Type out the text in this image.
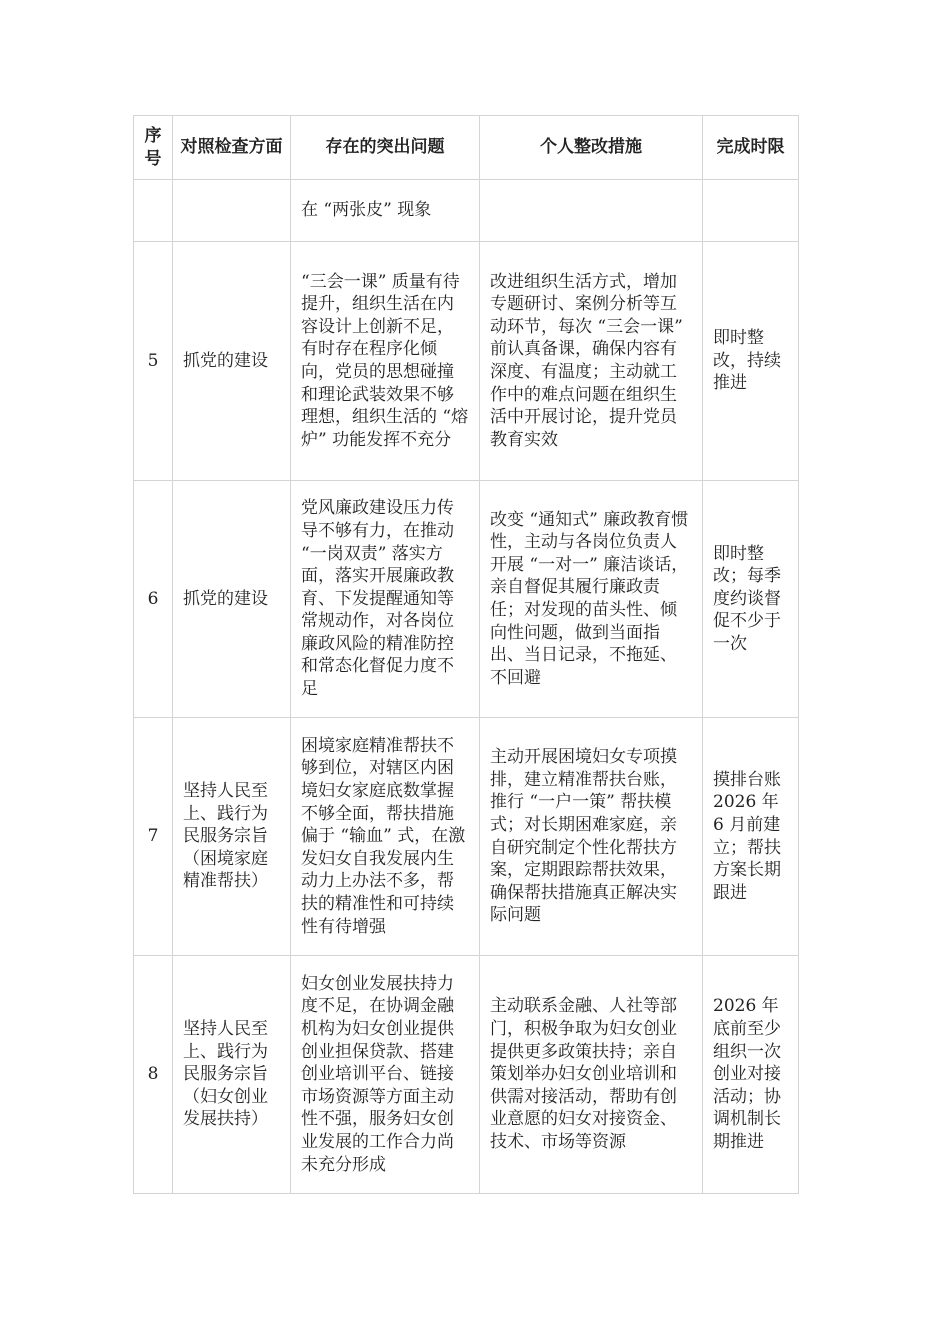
序号	对照检查方面	存在的突出问题	个人整改措施	完成时限
		在 “两张皮” 现象		
5	抓党的建设	“三会一课” 质量有待提升，组织生活在内容设计上创新不足，有时存在程序化倾向，党员的思想碰撞和理论武装效果不够理想，组织生活的 “熔炉” 功能发挥不充分	改进组织生活方式，增加专题研讨、案例分析等互动环节，每次 “三会一课” 前认真备课，确保内容有深度、有温度；主动就工作中的难点问题在组织生活中开展讨论，提升党员教育实效	即时整改，持续推进
6	抓党的建设	党风廉政建设压力传导不够有力，在推动 “一岗双责” 落实方面，落实开展廉政教育、下发提醒通知等常规动作，对各岗位廉政风险的精准防控和常态化督促力度不足	改变 “通知式” 廉政教育惯性，主动与各岗位负责人开展 “一对一” 廉洁谈话，亲自督促其履行廉政责任；对发现的苗头性、倾向性问题，做到当面指出、当日记录，不拖延、不回避	即时整改；每季度约谈督促不少于一次
7	坚持人民至上、践行为民服务宗旨（困境家庭精准帮扶）	困境家庭精准帮扶不够到位，对辖区内困境妇女家庭底数掌握不够全面，帮扶措施偏于 “输血” 式，在激发妇女自我发展内生动力上办法不多，帮扶的精准性和可持续性有待增强	主动开展困境妇女专项摸排，建立精准帮扶台账，推行 “一户一策” 帮扶模式；对长期困难家庭，亲自研究制定个性化帮扶方案，定期跟踪帮扶效果，确保帮扶措施真正解决实际问题	摸排台账 2026 年 6 月前建立；帮扶方案长期跟进
8	坚持人民至上、践行为民服务宗旨（妇女创业发展扶持）	妇女创业发展扶持力度不足，在协调金融机构为妇女创业提供创业担保贷款、搭建创业培训平台、链接市场资源等方面主动性不强，服务妇女创业发展的工作合力尚未充分形成	主动联系金融、人社等部门，积极争取为妇女创业提供更多政策扶持；亲自策划举办妇女创业培训和供需对接活动，帮助有创业意愿的妇女对接资金、技术、市场等资源	2026 年底前至少组织一次创业对接活动；协调机制长期推进
